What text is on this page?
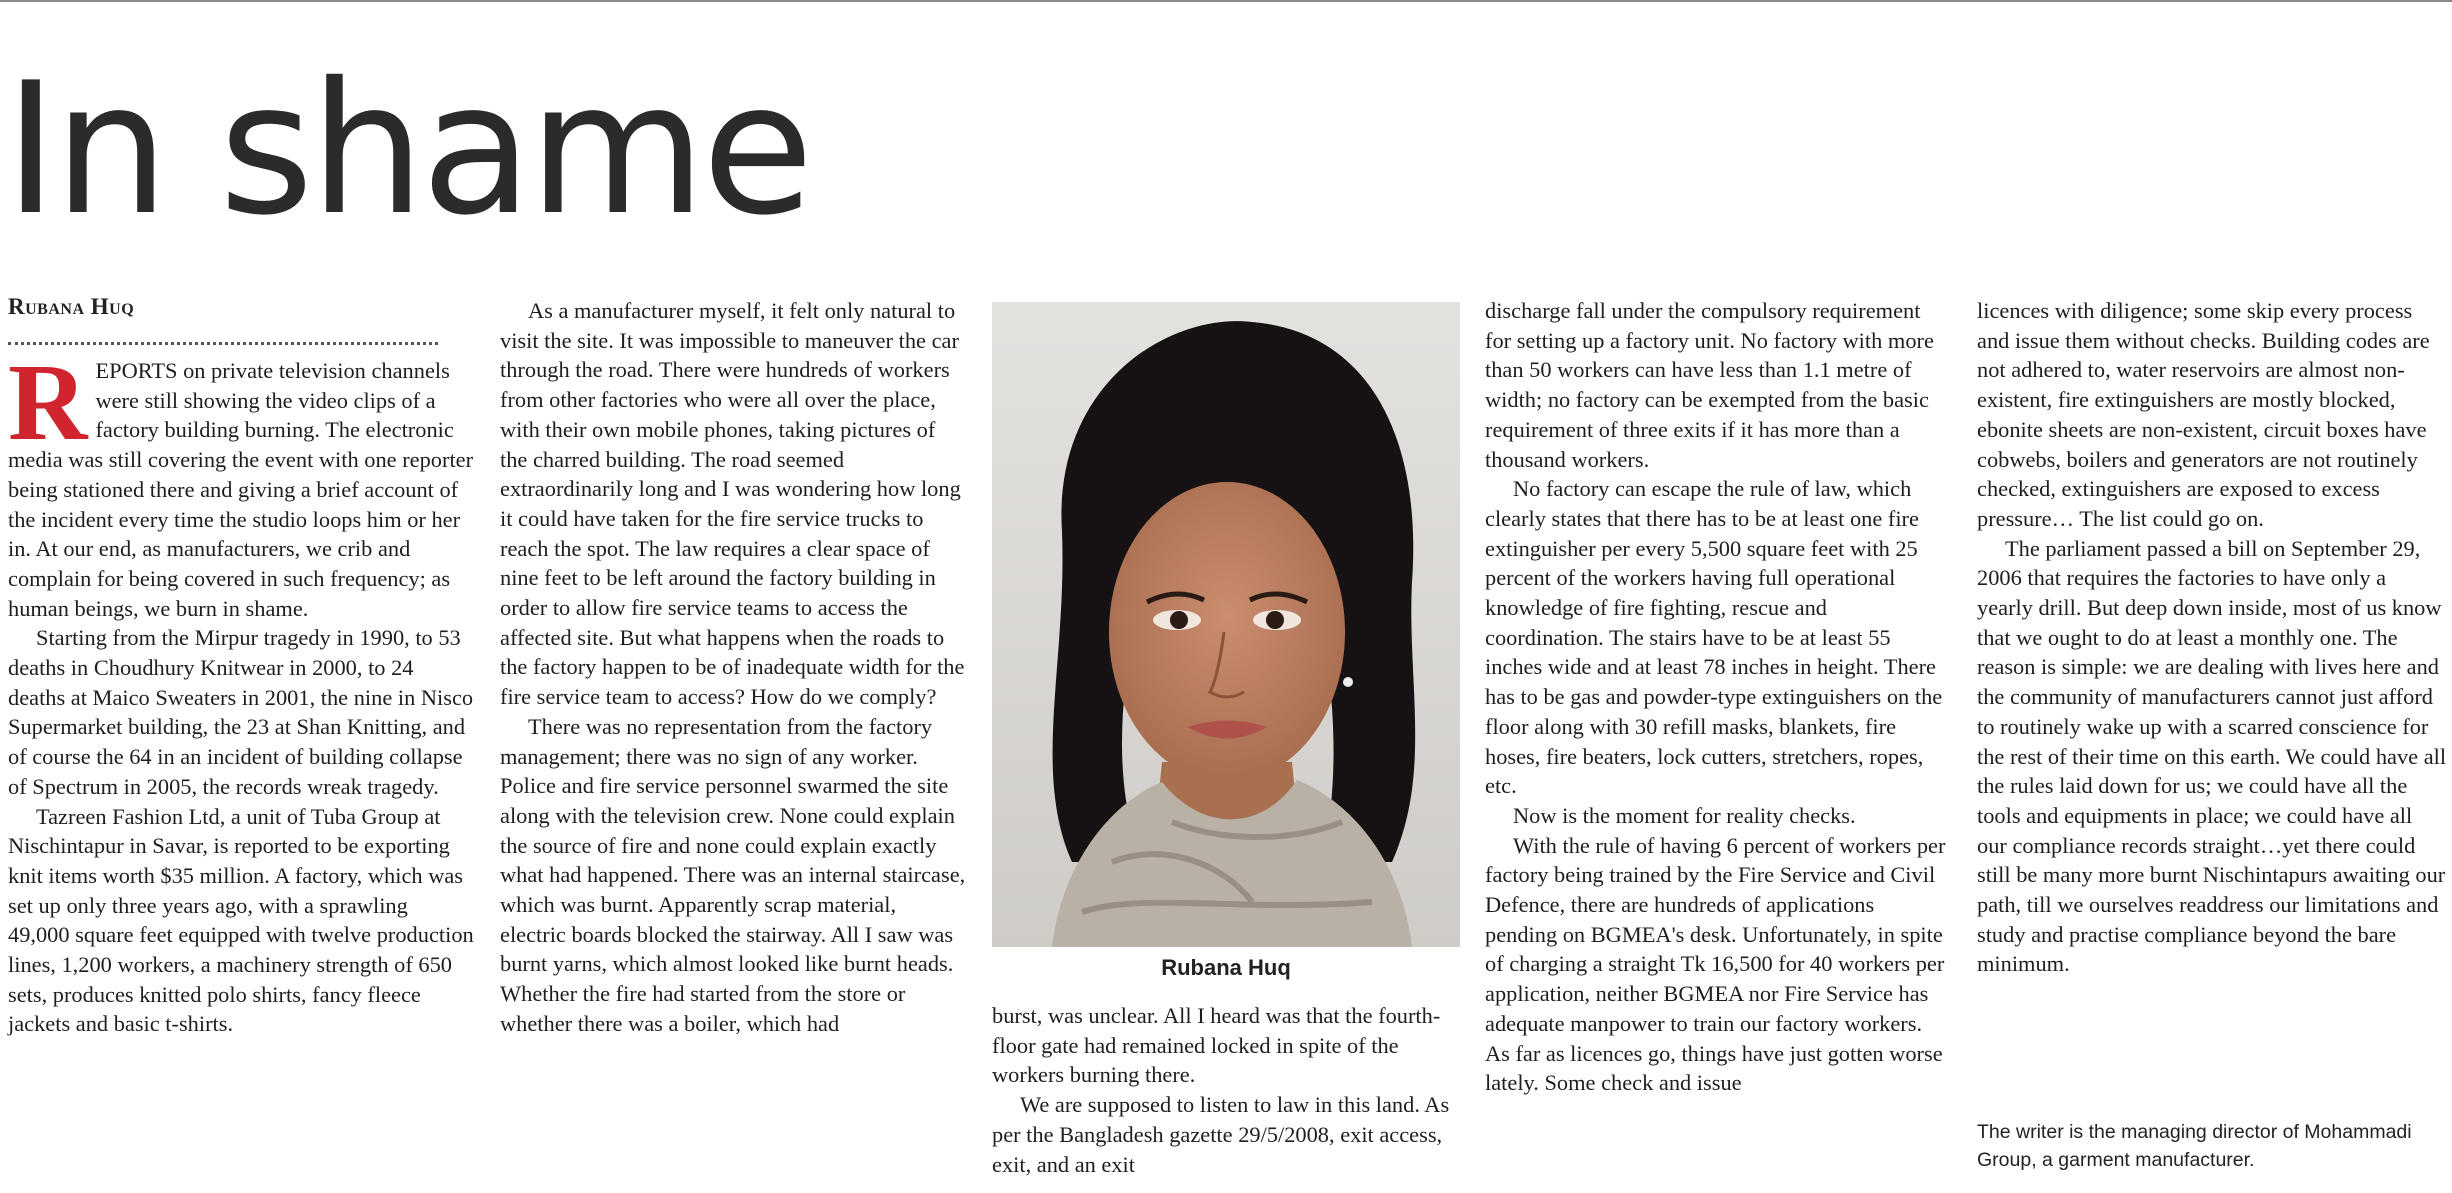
In shame
Rubana Huq

REPORTS on private television channels were still showing the video clips of a factory building burning. The electronic media was still covering the event with one reporter being stationed there and giving a brief account of the incident every time the studio loops him or her in. At our end, as manufacturers, we crib and complain for being covered in such frequency; as human beings, we burn in shame.

Starting from the Mirpur tragedy in 1990, to 53 deaths in Choudhury Knitwear in 2000, to 24 deaths at Maico Sweaters in 2001, the nine in Nisco Supermarket building, the 23 at Shan Knitting, and of course the 64 in an incident of building collapse of Spectrum in 2005, the records wreak tragedy.

Tazreen Fashion Ltd, a unit of Tuba Group at Nischintapur in Savar, is reported to be exporting knit items worth $35 million. A factory, which was set up only three years ago, with a sprawling 49,000 square feet equipped with twelve production lines, 1,200 workers, a machinery strength of 650 sets, produces knitted polo shirts, fancy fleece jackets and basic t-shirts.

As a manufacturer myself, it felt only natural to visit the site. It was impossible to maneuver the car through the road. There were hundreds of workers from other factories who were all over the place, with their own mobile phones, taking pictures of the charred building. The road seemed extraordinarily long and I was wondering how long it could have taken for the fire service trucks to reach the spot. The law requires a clear space of nine feet to be left around the factory building in order to allow fire service teams to access the affected site. But what happens when the roads to the factory happen to be of inadequate width for the fire service team to access? How do we comply?

There was no representation from the factory management; there was no sign of any worker. Police and fire service personnel swarmed the site along with the television crew. None could explain the source of fire and none could explain exactly what had happened. There was an internal staircase, which was burnt. Apparently scrap material, electric boards blocked the stairway. All I saw was burnt yarns, which almost looked like burnt heads. Whether the fire had started from the store or whether there was a boiler, which had

Rubana Huq

burst, was unclear. All I heard was that the fourth-floor gate had remained locked in spite of the workers burning there.

We are supposed to listen to law in this land. As per the Bangladesh gazette 29/5/2008, exit access, exit, and an exit

discharge fall under the compulsory requirement for setting up a factory unit. No factory with more than 50 workers can have less than 1.1 metre of width; no factory can be exempted from the basic requirement of three exits if it has more than a thousand workers.

No factory can escape the rule of law, which clearly states that there has to be at least one fire extinguisher per every 5,500 square feet with 25 percent of the workers having full operational knowledge of fire fighting, rescue and coordination. The stairs have to be at least 55 inches wide and at least 78 inches in height. There has to be gas and powder-type extinguishers on the floor along with 30 refill masks, blankets, fire hoses, fire beaters, lock cutters, stretchers, ropes, etc.

Now is the moment for reality checks.

With the rule of having 6 percent of workers per factory being trained by the Fire Service and Civil Defence, there are hundreds of applications pending on BGMEA's desk. Unfortunately, in spite of charging a straight Tk 16,500 for 40 workers per application, neither BGMEA nor Fire Service has adequate manpower to train our factory workers. As far as licences go, things have just gotten worse lately. Some check and issue

licences with diligence; some skip every process and issue them without checks. Building codes are not adhered to, water reservoirs are almost non-existent, fire extinguishers are mostly blocked, ebonite sheets are non-existent, circuit boxes have cobwebs, boilers and generators are not routinely checked, extinguishers are exposed to excess pressure… The list could go on.

The parliament passed a bill on September 29, 2006 that requires the factories to have only a yearly drill. But deep down inside, most of us know that we ought to do at least a monthly one. The reason is simple: we are dealing with lives here and the community of manufacturers cannot just afford to routinely wake up with a scarred conscience for the rest of their time on this earth. We could have all the rules laid down for us; we could have all the tools and equipments in place; we could have all our compliance records straight…yet there could still be many more burnt Nischintapurs awaiting our path, till we ourselves readdress our limitations and study and practise compliance beyond the bare minimum.

The writer is the managing director of Mohammadi Group, a garment manufacturer.
